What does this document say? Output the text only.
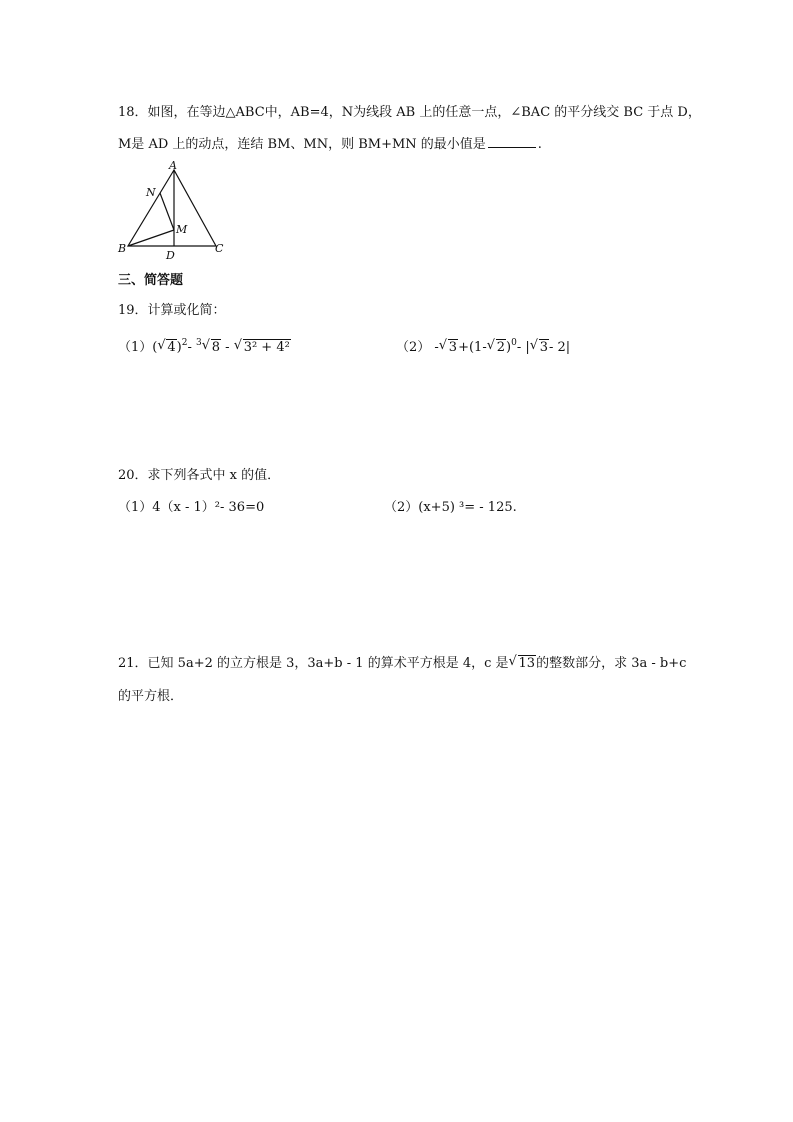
18．如图，在等边△ABC中，AB=4，N为线段 AB 上的任意一点，∠BAC 的平分线交 BC 于点 D，
M是 AD 上的动点，连结 BM、MN，则 BM+MN 的最小值是	.
A
B	C
D
N
M
三、简答题
19．计算或化简：
（1）( √ 4)$^2$- $^3$ √ 8 - √ 3² + 4²	（2） - √ 3+(1- √ 2)$^0$- | √ 3- 2|
20．求下列各式中 x 的值．
（1）4（x - 1）²- 36=0	（2）(x+5) ³= - 125.
21．已知 5a+2 的立方根是 3，3a+b - 1 的算术平方根是 4，c 是 √ 13的整数部分，求 3a - b+c
的平方根．
